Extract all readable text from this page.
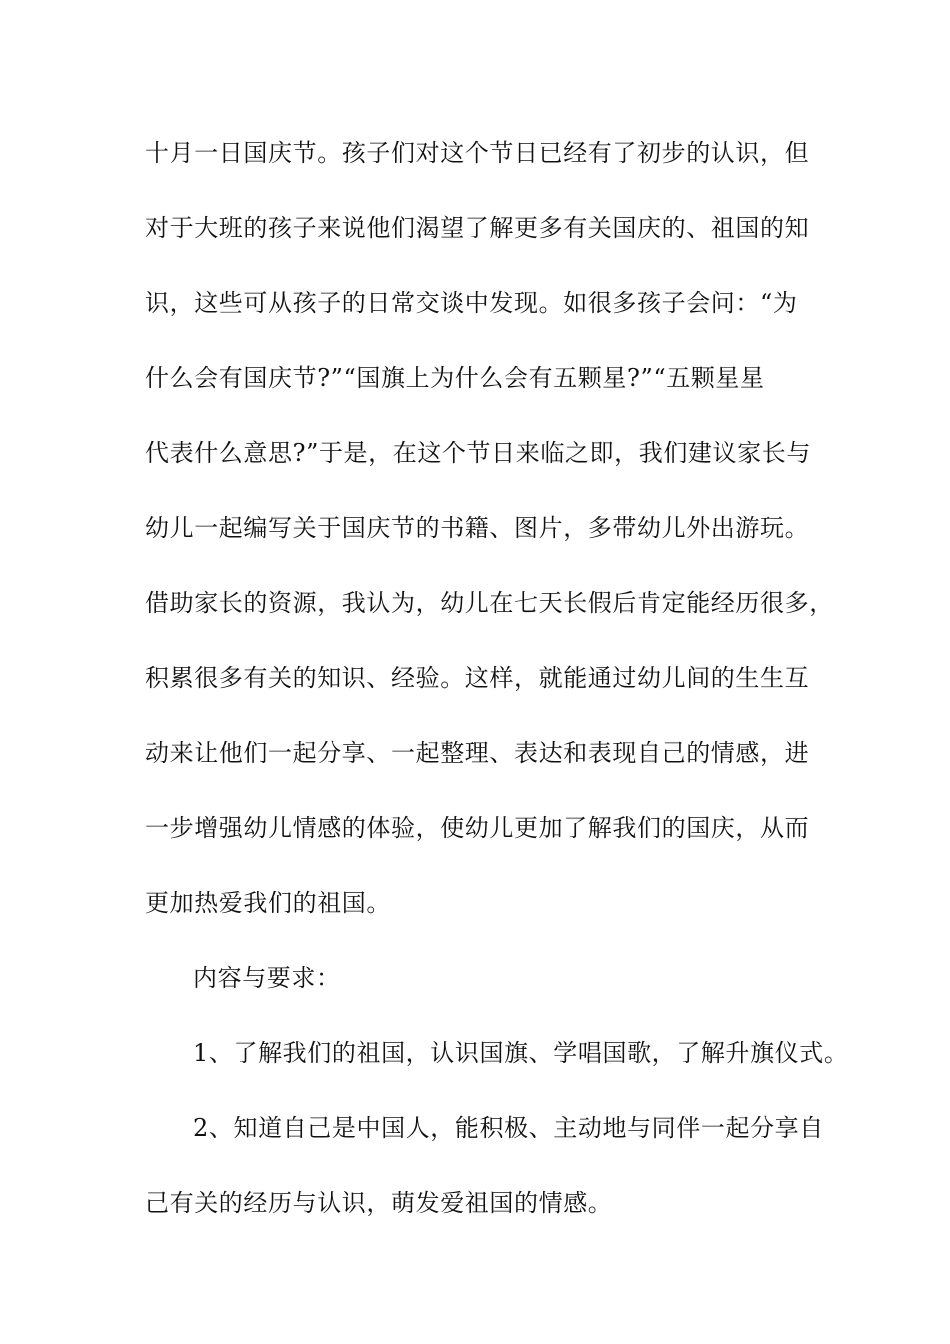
十月一日国庆节。孩子们对这个节日已经有了初步的认识，但
对于大班的孩子来说他们渴望了解更多有关国庆的、祖国的知
识，这些可从孩子的日常交谈中发现。如很多孩子会问：“为
什么会有国庆节?”“国旗上为什么会有五颗星?”“五颗星星
代表什么意思?”于是，在这个节日来临之即，我们建议家长与
幼儿一起编写关于国庆节的书籍、图片，多带幼儿外出游玩。
借助家长的资源，我认为，幼儿在七天长假后肯定能经历很多，
积累很多有关的知识、经验。这样，就能通过幼儿间的生生互
动来让他们一起分享、一起整理、表达和表现自己的情感，进
一步增强幼儿情感的体验，使幼儿更加了解我们的国庆，从而
更加热爱我们的祖国。
内容与要求：
1、了解我们的祖国，认识国旗、学唱国歌，了解升旗仪式。
2、知道自己是中国人，能积极、主动地与同伴一起分享自
己有关的经历与认识，萌发爱祖国的情感。
